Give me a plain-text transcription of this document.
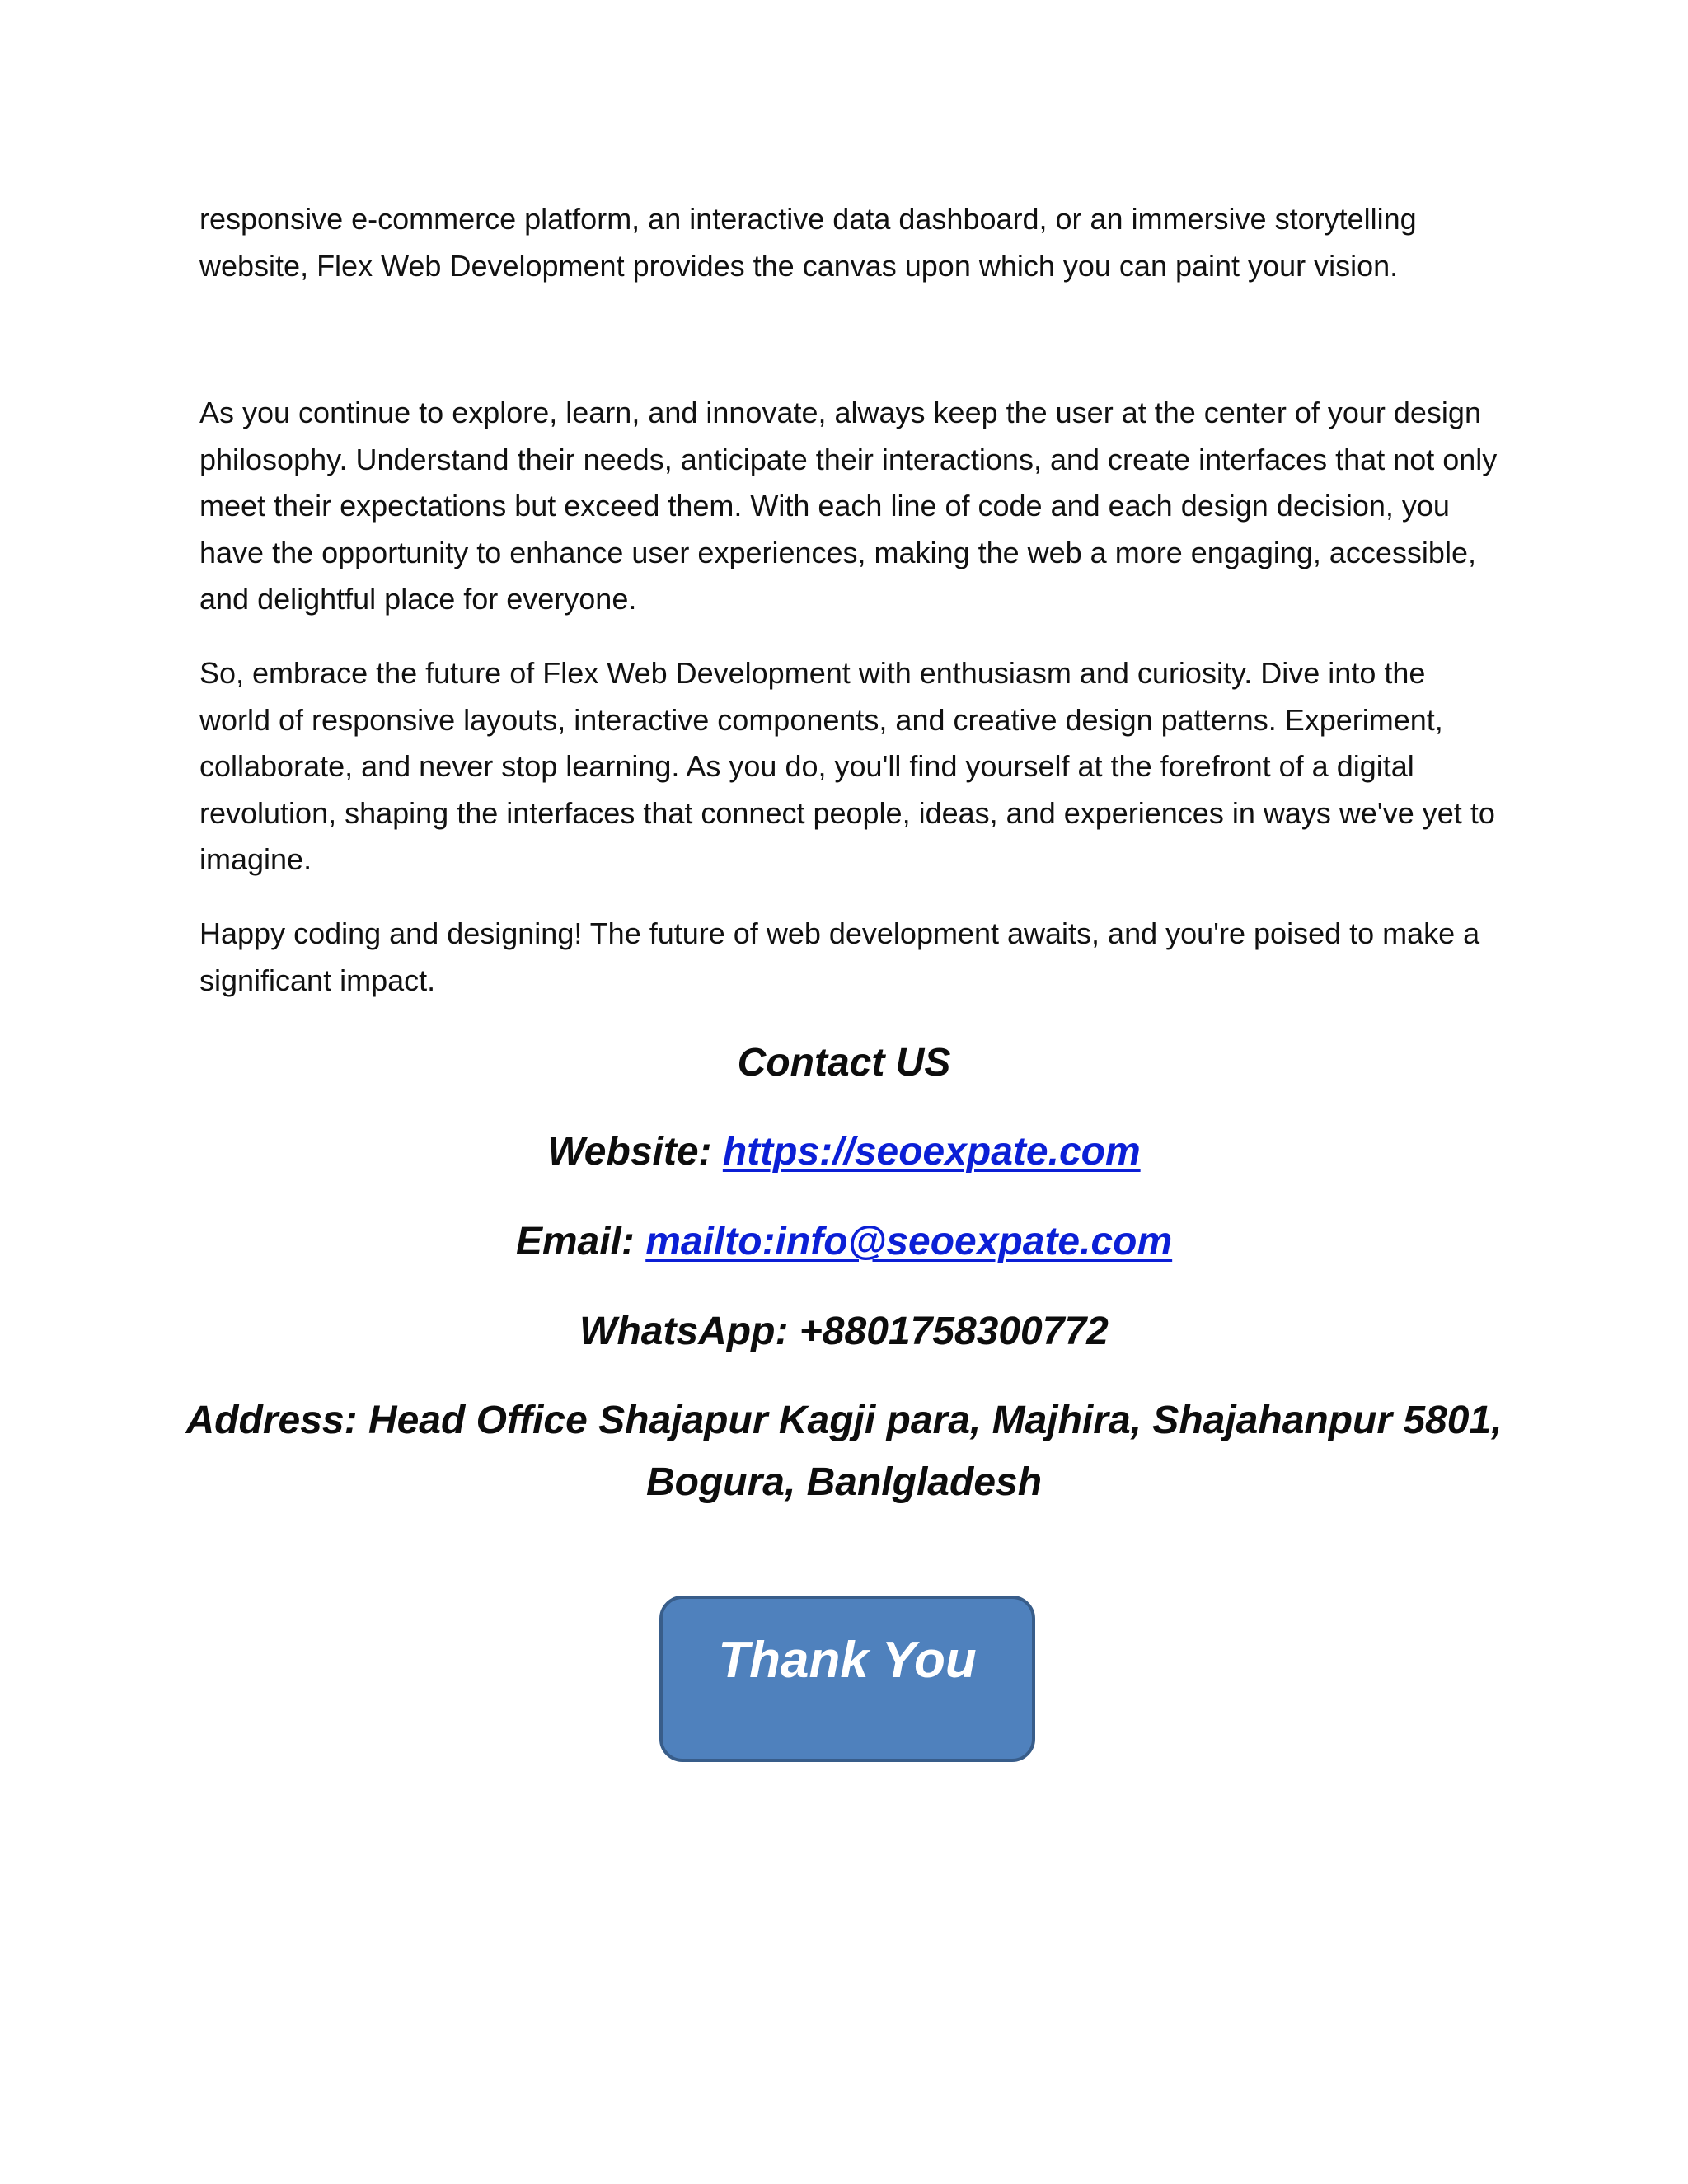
responsive e-commerce platform, an interactive data dashboard, or an immersive storytelling website, Flex Web Development provides the canvas upon which you can paint your vision.

As you continue to explore, learn, and innovate, always keep the user at the center of your design philosophy. Understand their needs, anticipate their interactions, and create interfaces that not only meet their expectations but exceed them. With each line of code and each design decision, you have the opportunity to enhance user experiences, making the web a more engaging, accessible, and delightful place for everyone.

So, embrace the future of Flex Web Development with enthusiasm and curiosity. Dive into the world of responsive layouts, interactive components, and creative design patterns. Experiment, collaborate, and never stop learning. As you do, you'll find yourself at the forefront of a digital revolution, shaping the interfaces that connect people, ideas, and experiences in ways we've yet to imagine.

Happy coding and designing! The future of web development awaits, and you're poised to make a significant impact.

Contact US

Website: https://seoexpate.com

Email: mailto:info@seoexpate.com

WhatsApp: +8801758300772

Address: Head Office Shajapur Kagji para, Majhira, Shajahanpur 5801,
Bogura, Banlgladesh

Thank You
